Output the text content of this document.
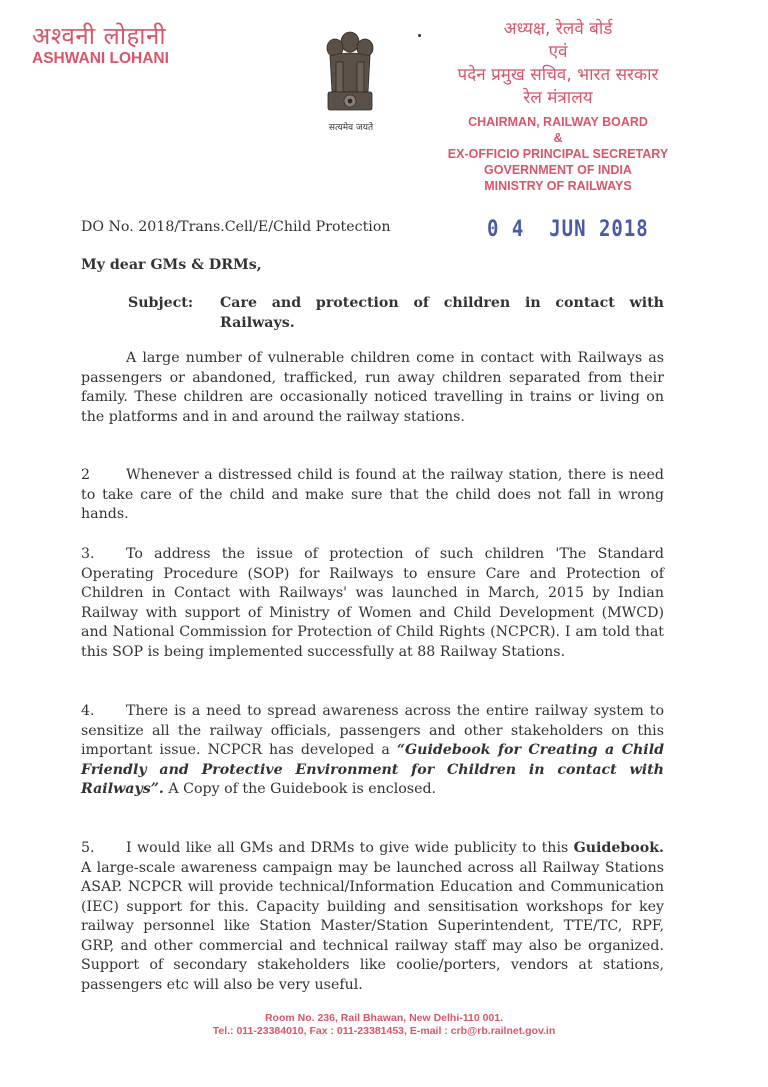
अश्वनी लोहानी
ASHWANI LOHANI
सत्यमेव जयते
अध्यक्ष, रेलवे बोर्ड
एवं
पदेन प्रमुख सचिव, भारत सरकार
रेल मंत्रालय
CHAIRMAN, RAILWAY BOARD
&
EX-OFFICIO PRINCIPAL SECRETARY
GOVERNMENT OF INDIA
MINISTRY OF RAILWAYS
DO No. 2018/Trans.Cell/E/Child Protection	0 4  JUN 2018
My dear GMs & DRMs,
Subject:	Care and protection of children in contact with Railways.
A large number of vulnerable children come in contact with Railways as passengers or abandoned, trafficked, run away children separated from their family. These children are occasionally noticed travelling in trains or living on the platforms and in and around the railway stations.
2	Whenever a distressed child is found at the railway station, there is need to take care of the child and make sure that the child does not fall in wrong hands.
3. To address the issue of protection of such children 'The Standard Operating Procedure (SOP) for Railways to ensure Care and Protection of Children in Contact with Railways' was launched in March, 2015 by Indian Railway with support of Ministry of Women and Child Development (MWCD) and National Commission for Protection of Child Rights (NCPCR). I am told that this SOP is being implemented successfully at 88 Railway Stations.
4. There is a need to spread awareness across the entire railway system to sensitize all the railway officials, passengers and other stakeholders on this important issue. NCPCR has developed a “Guidebook for Creating a Child Friendly and Protective Environment for Children in contact with Railways”. A Copy of the Guidebook is enclosed.
5. I would like all GMs and DRMs to give wide publicity to this Guidebook. A large-scale awareness campaign may be launched across all Railway Stations ASAP. NCPCR will provide technical/Information Education and Communication (IEC) support for this. Capacity building and sensitisation workshops for key railway personnel like Station Master/Station Superintendent, TTE/TC, RPF, GRP, and other commercial and technical railway staff may also be organized. Support of secondary stakeholders like coolie/porters, vendors at stations, passengers etc will also be very useful.
Room No. 236, Rail Bhawan, New Delhi-110 001.
Tel.: 011-23384010, Fax : 011-23381453, E-mail : crb@rb.railnet.gov.in
